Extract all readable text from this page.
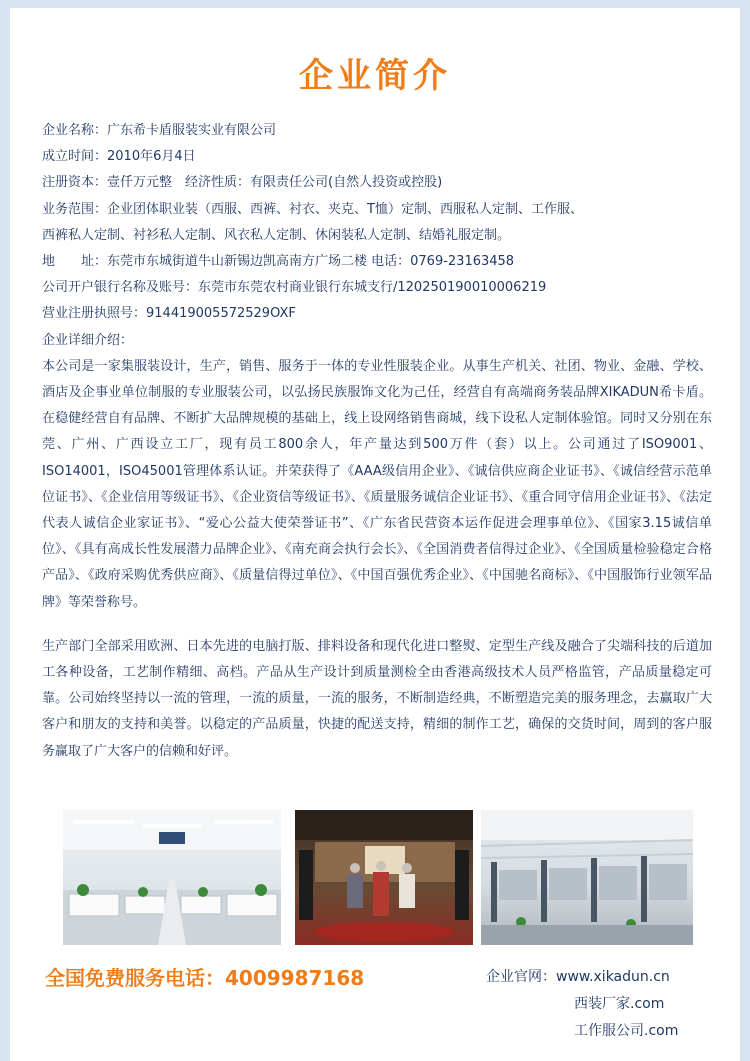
企业简介
企业名称：广东希卡盾服装实业有限公司
成立时间：2010年6月4日
注册资本：壹仟万元整　经济性质：有限责任公司(自然人投资或控股)
业务范围：企业团体职业装（西服、西裤、衬衣、夹克、T恤）定制、西服私人定制、工作服、
西裤私人定制、衬衫私人定制、风衣私人定制、休闲装私人定制、结婚礼服定制。
地　　址：东莞市东城街道牛山新锡边凯高南方广场二楼 电话：0769-23163458
公司开户银行名称及账号：东莞市东莞农村商业银行东城支行/120250190010006219
营业注册执照号：914419005572529OXF
企业详细介绍：

本公司是一家集服装设计，生产，销售、服务于一体的专业性服装企业。从事生产机关、社团、物业、金融、学校、酒店及企事业单位制服的专业服装公司，以弘扬民族服饰文化为己任，经营自有高端商务装品牌XIKADUN希卡盾。在稳健经营自有品牌、不断扩大品牌规模的基础上，线上设网络销售商城，线下设私人定制体验馆。同时又分别在东莞、广州、广西设立工厂，现有员工800余人，年产量达到500万件（套）以上。公司通过了ISO9001、ISO14001，ISO45001管理体系认证。并荣获得了《AAA级信用企业》、《诚信供应商企业证书》、《诚信经营示范单位证书》、《企业信用等级证书》、《企业资信等级证书》、《质量服务诚信企业证书》、《重合同守信用企业证书》、《法定代表人诚信企业家证书》、“爱心公益大使荣誉证书”、《广东省民营资本运作促进会理事单位》、《国家3.15诚信单位》、《具有高成长性发展潜力品牌企业》、《南充商会执行会长》、《全国消费者信得过企业》、《全国质量检验稳定合格产品》、《政府采购优秀供应商》、《质量信得过单位》、《中国百强优秀企业》、《中国驰名商标》、《中国服饰行业领军品牌》等荣誉称号。

生产部门全部采用欧洲、日本先进的电脑打版、排料设备和现代化进口整熨、定型生产线及融合了尖端科技的后道加工各种设备，工艺制作精细、高档。产品从生产设计到质量测检全由香港高级技术人员严格监管，产品质量稳定可靠。公司始终坚持以一流的管理，一流的质量，一流的服务，不断制造经典，不断塑造完美的服务理念，去赢取广大客户和朋友的支持和美誉。以稳定的产品质量，快捷的配送支持，精细的制作工艺，确保的交货时间，周到的客户服务赢取了广大客户的信赖和好评。

全国免费服务电话：4009987168	企业官网：www.xikadun.cn
西装厂家.com
工作服公司.com
